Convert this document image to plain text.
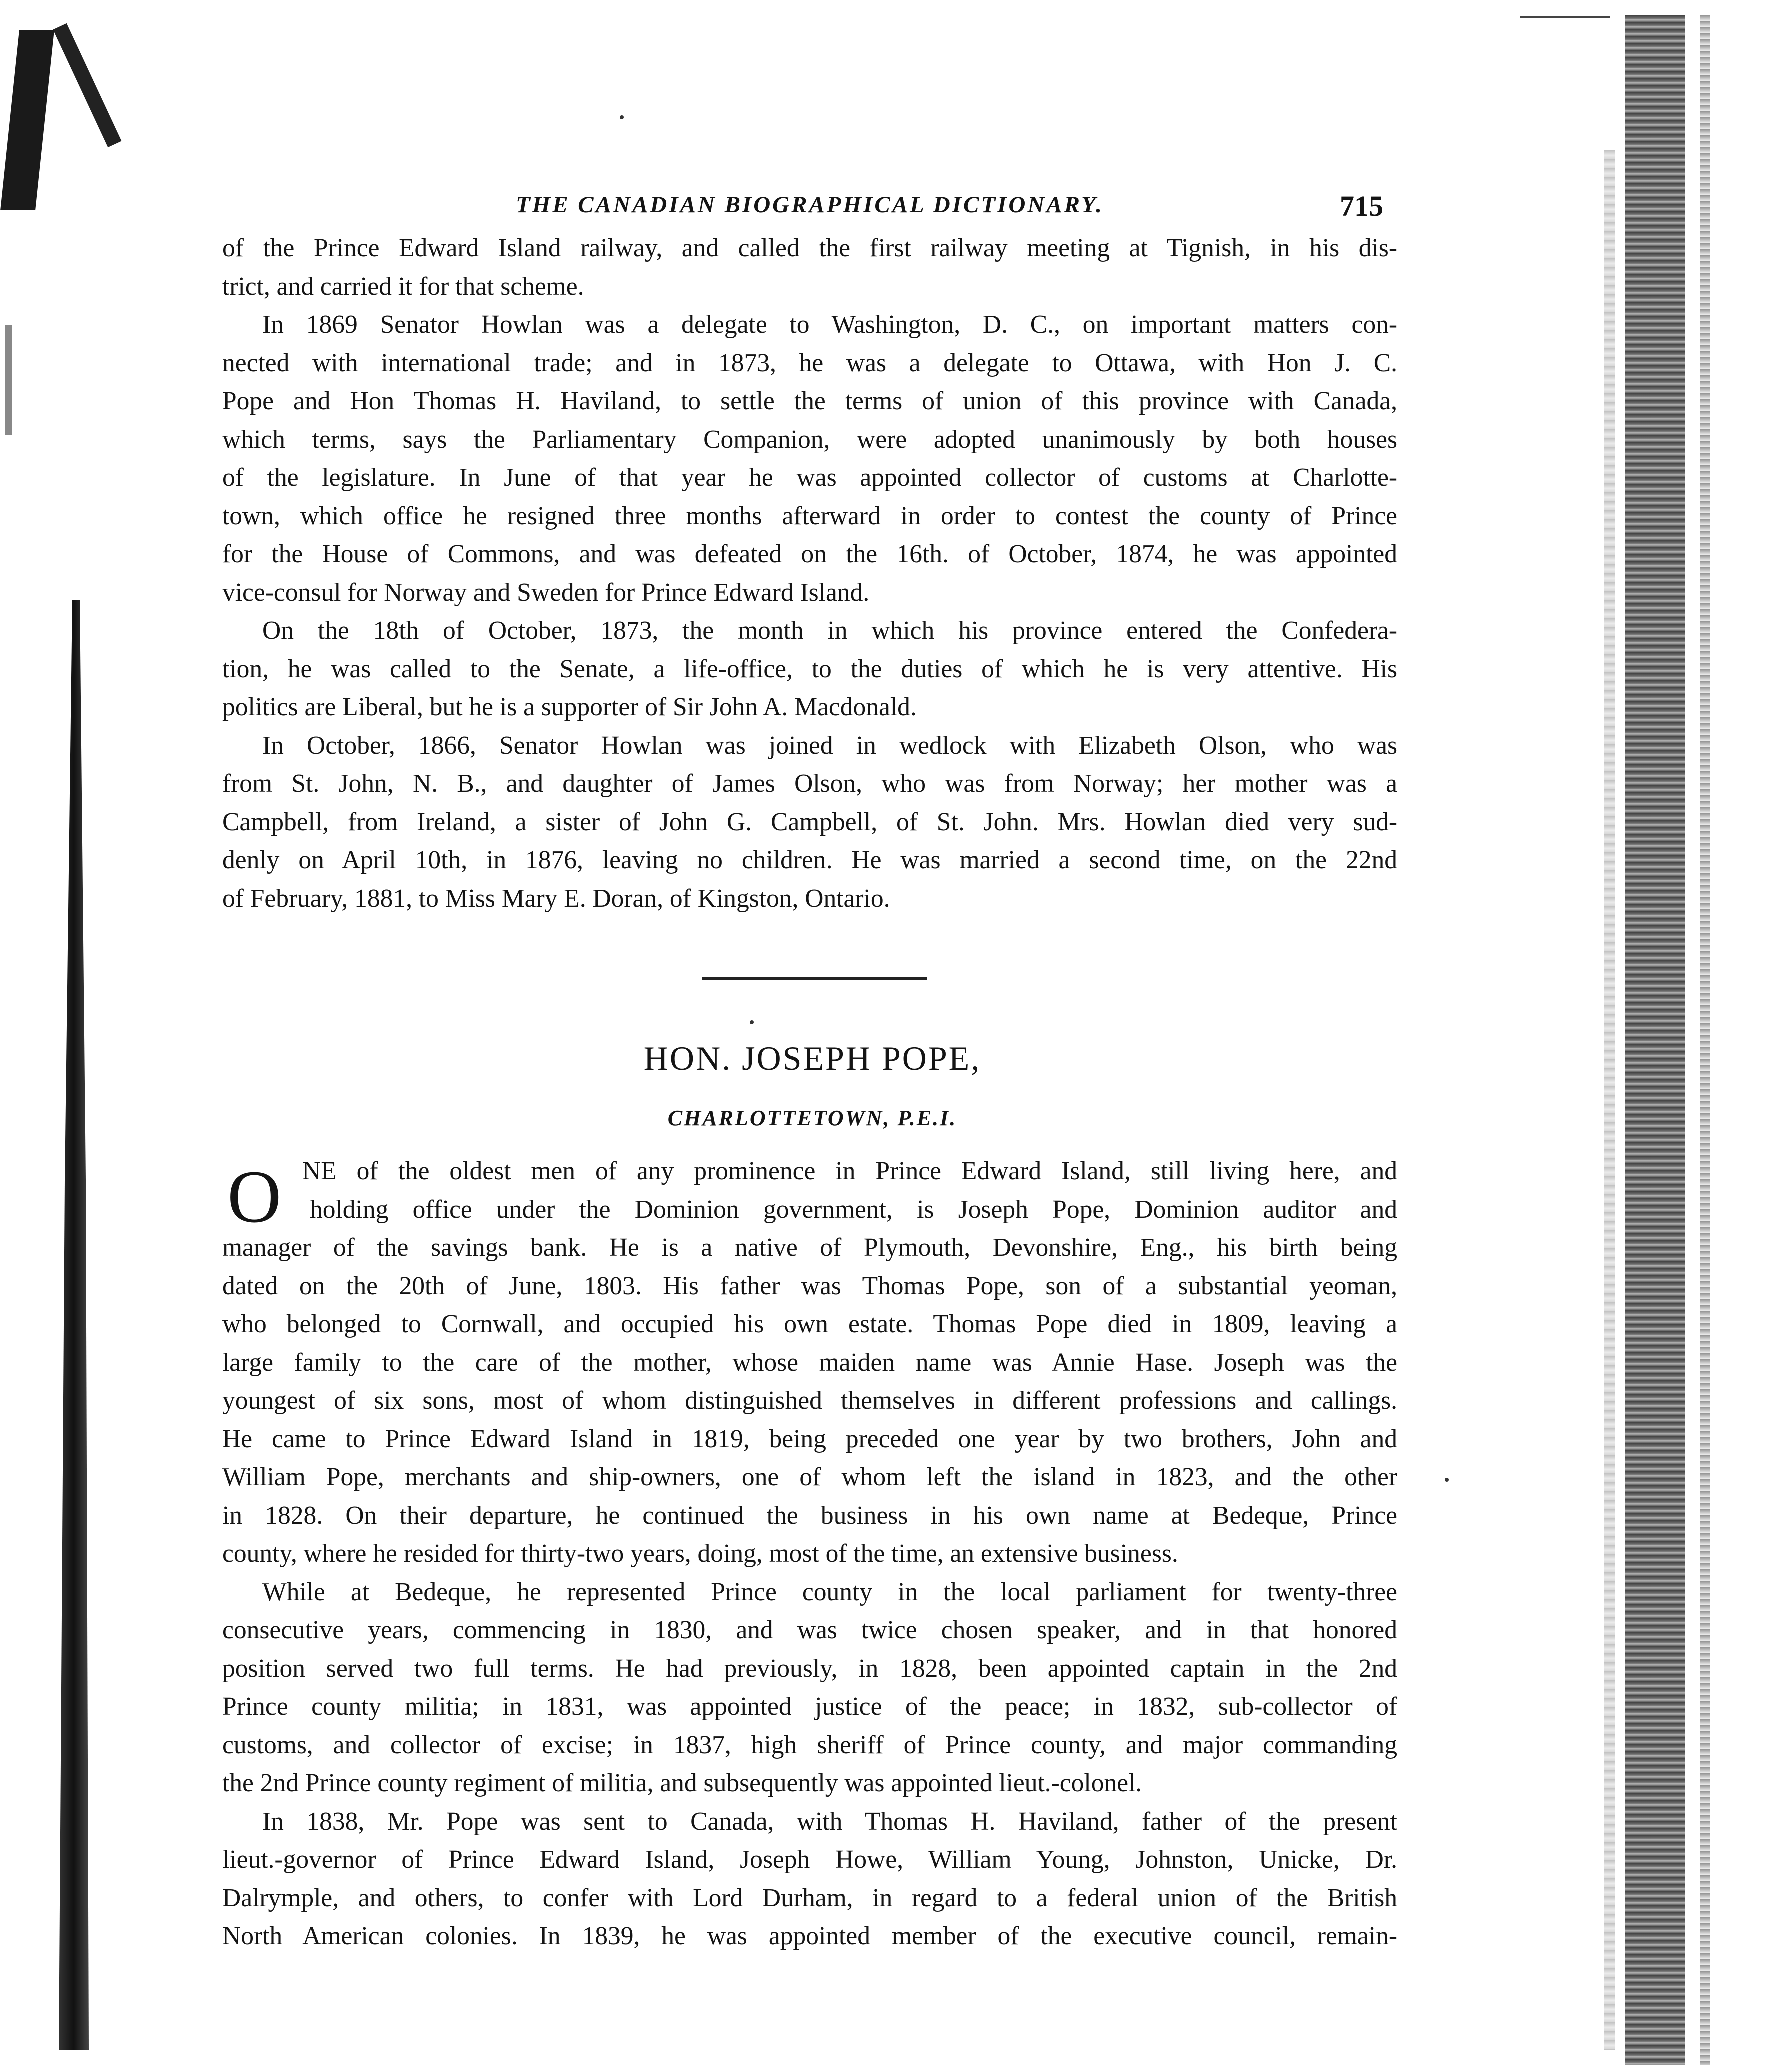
THE CANADIAN BIOGRAPHICAL DICTIONARY.	715
of the Prince Edward Island railway, and called the first railway meeting at Tignish, in his dis-
trict, and carried it for that scheme.
In 1869 Senator Howlan was a delegate to Washington, D. C., on important matters con-
nected with international trade; and in 1873, he was a delegate to Ottawa, with Hon J. C.
Pope and Hon Thomas H. Haviland, to settle the terms of union of this province with Canada,
which terms, says the Parliamentary Companion, were adopted unanimously by both houses
of the legislature. In June of that year he was appointed collector of customs at Charlotte-
town, which office he resigned three months afterward in order to contest the county of Prince
for the House of Commons, and was defeated on the 16th. of October, 1874, he was appointed
vice-consul for Norway and Sweden for Prince Edward Island.
On the 18th of October, 1873, the month in which his province entered the Confedera-
tion, he was called to the Senate, a life-office, to the duties of which he is very attentive. His
politics are Liberal, but he is a supporter of Sir John A. Macdonald.
In October, 1866, Senator Howlan was joined in wedlock with Elizabeth Olson, who was
from St. John, N. B., and daughter of James Olson, who was from Norway; her mother was a
Campbell, from Ireland, a sister of John G. Campbell, of St. John. Mrs. Howlan died very sud-
denly on April 10th, in 1876, leaving no children. He was married a second time, on the 22nd
of February, 1881, to Miss Mary E. Doran, of Kingston, Ontario.
HON. JOSEPH POPE,
CHARLOTTETOWN, P.E.I.
O NE of the oldest men of any prominence in Prince Edward Island, still living here, and
holding office under the Dominion government, is Joseph Pope, Dominion auditor and
manager of the savings bank. He is a native of Plymouth, Devonshire, Eng., his birth being
dated on the 20th of June, 1803. His father was Thomas Pope, son of a substantial yeoman,
who belonged to Cornwall, and occupied his own estate. Thomas Pope died in 1809, leaving a
large family to the care of the mother, whose maiden name was Annie Hase. Joseph was the
youngest of six sons, most of whom distinguished themselves in different professions and callings.
He came to Prince Edward Island in 1819, being preceded one year by two brothers, John and
William Pope, merchants and ship-owners, one of whom left the island in 1823, and the other
in 1828. On their departure, he continued the business in his own name at Bedeque, Prince
county, where he resided for thirty-two years, doing, most of the time, an extensive business.
While at Bedeque, he represented Prince county in the local parliament for twenty-three
consecutive years, commencing in 1830, and was twice chosen speaker, and in that honored
position served two full terms. He had previously, in 1828, been appointed captain in the 2nd
Prince county militia; in 1831, was appointed justice of the peace; in 1832, sub-collector of
customs, and collector of excise; in 1837, high sheriff of Prince county, and major commanding
the 2nd Prince county regiment of militia, and subsequently was appointed lieut.-colonel.
In 1838, Mr. Pope was sent to Canada, with Thomas H. Haviland, father of the present
lieut.-governor of Prince Edward Island, Joseph Howe, William Young, Johnston, Unicke, Dr.
Dalrymple, and others, to confer with Lord Durham, in regard to a federal union of the British
North American colonies. In 1839, he was appointed member of the executive council, remain-
